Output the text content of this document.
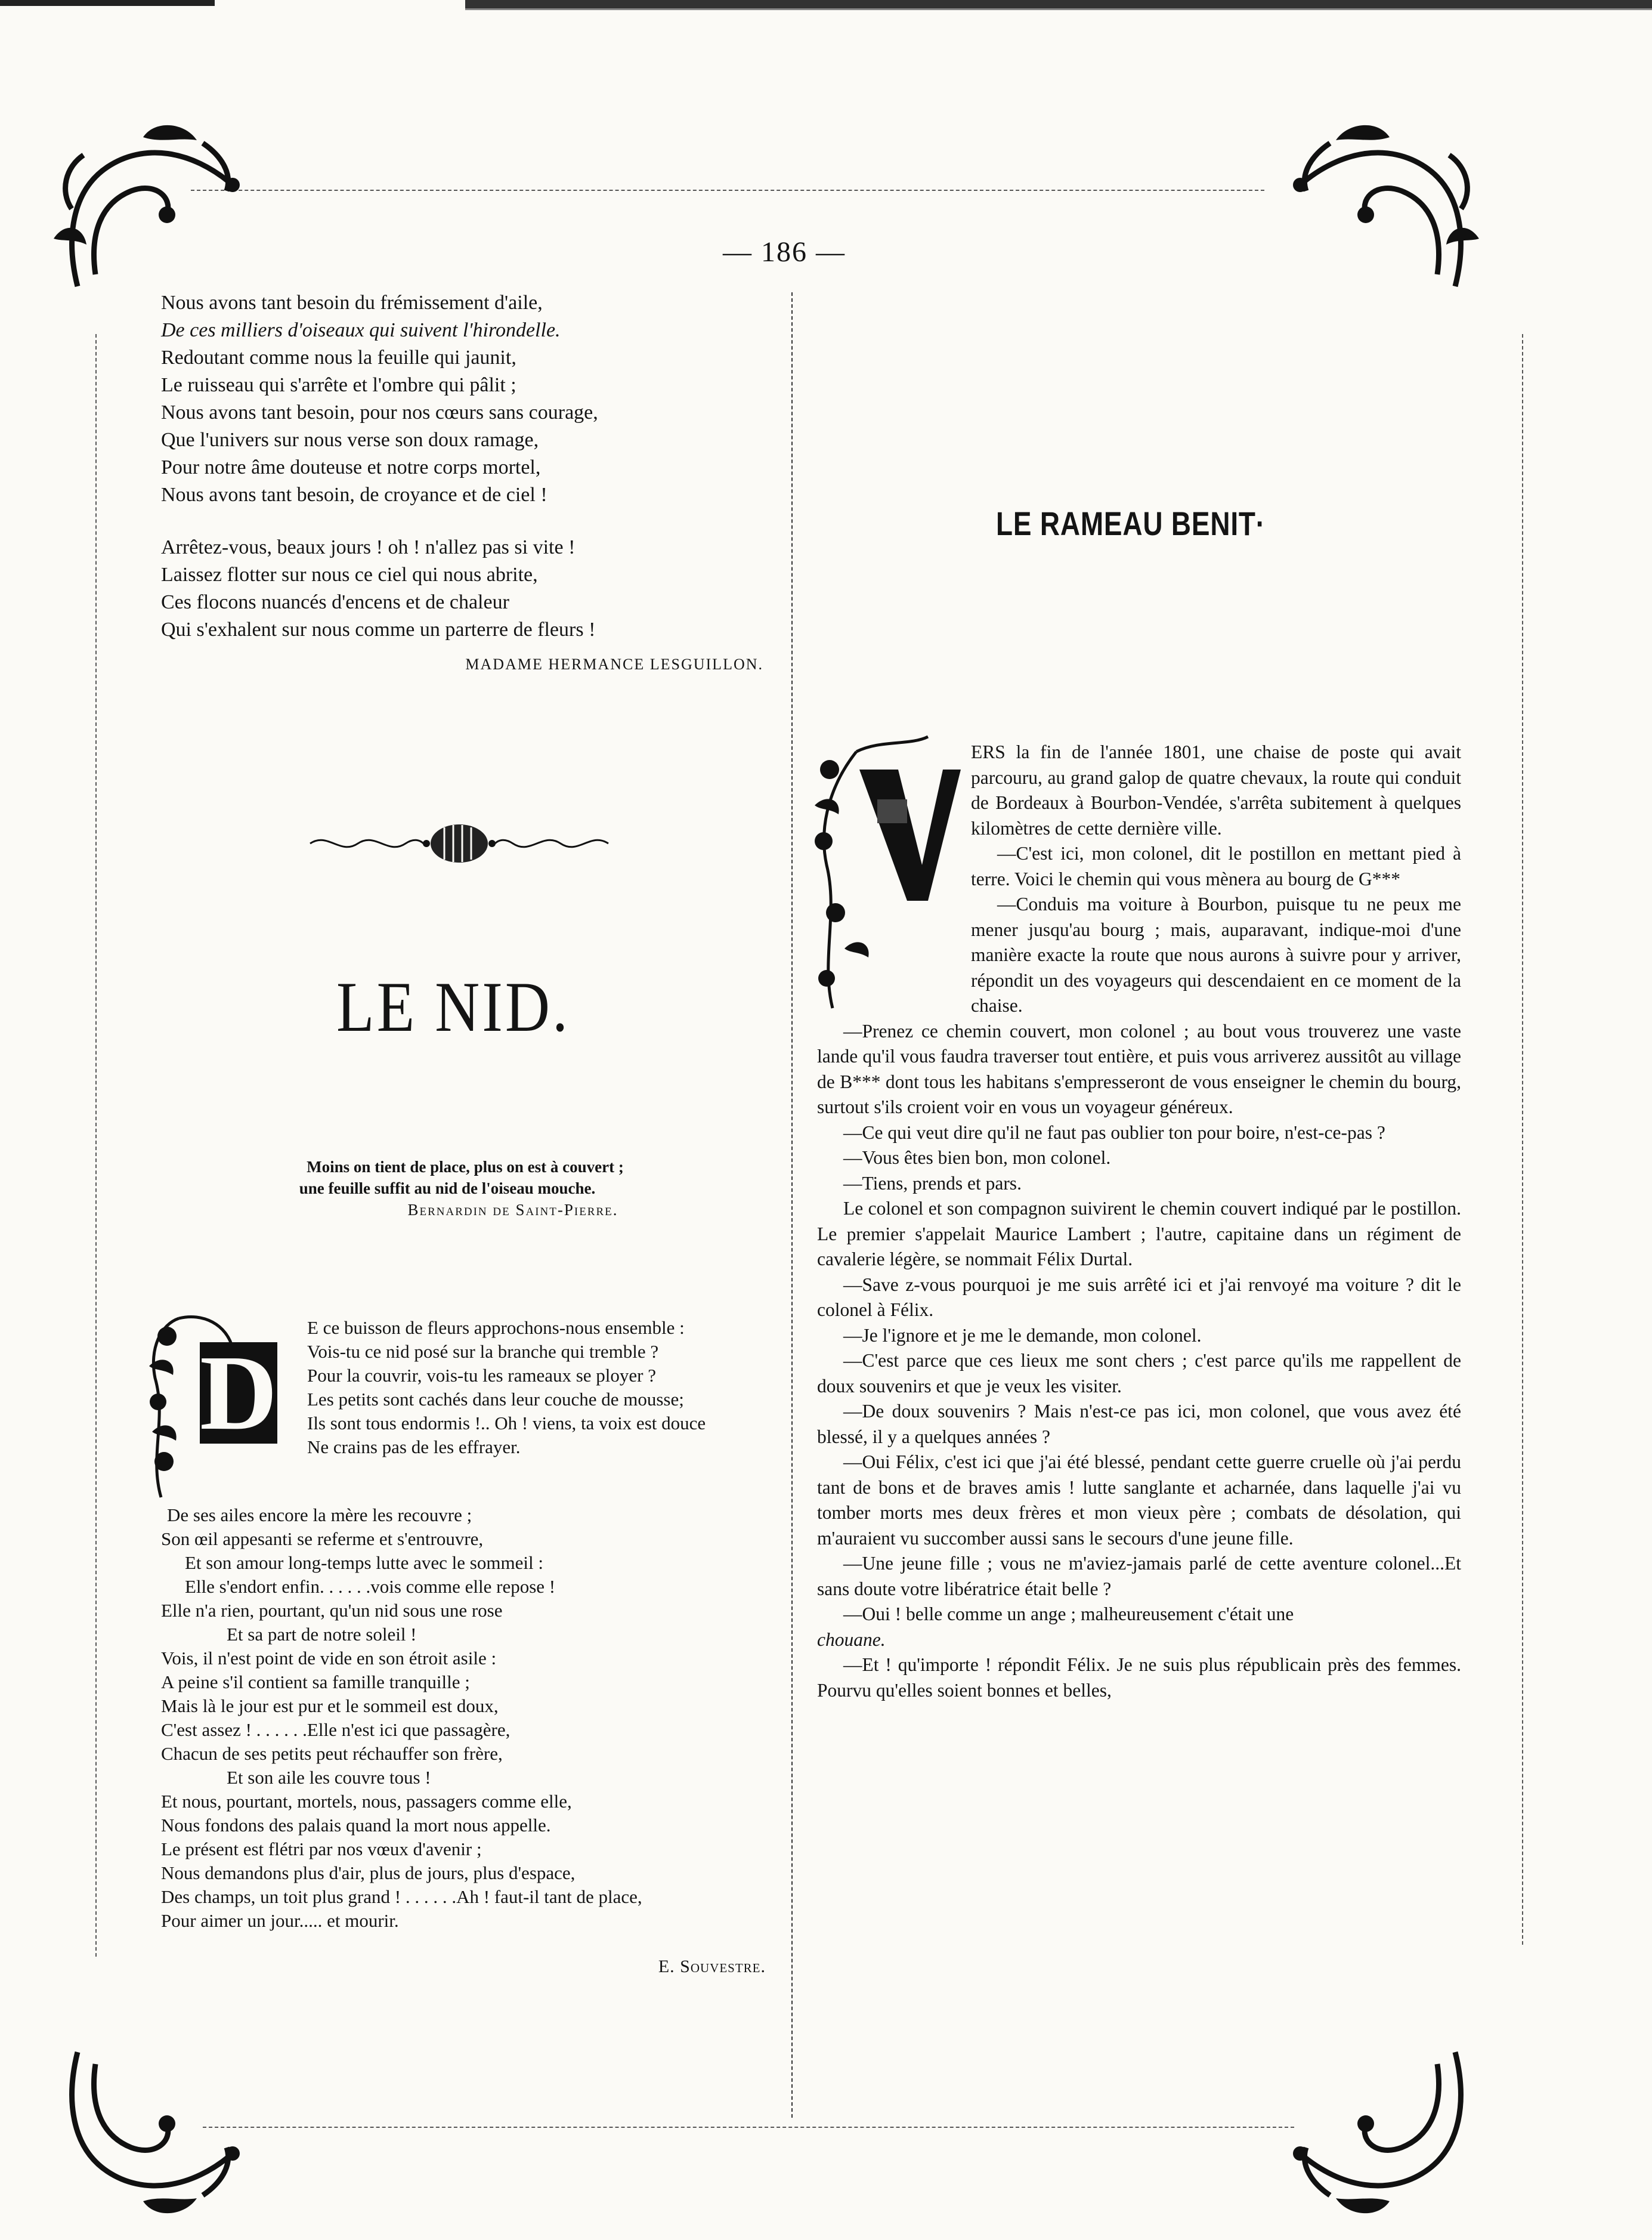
— 186 —

Nous avons tant besoin du frémissement d'aile,

De ces milliers d'oiseaux qui suivent l'hirondelle.

Redoutant comme nous la feuille qui jaunit,

Le ruisseau qui s'arrête et l'ombre qui pâlit ;

Nous avons tant besoin, pour nos cœurs sans courage,

Que l'univers sur nous verse son doux ramage,

Pour notre âme douteuse et notre corps mortel,

Nous avons tant besoin, de croyance et de ciel !

Arrêtez-vous, beaux jours ! oh ! n'allez pas si vite !

Laissez flotter sur nous ce ciel qui nous abrite,

Ces flocons nuancés d'encens et de chaleur

Qui s'exhalent sur nous comme un parterre de fleurs !

MADAME HERMANCE LESGUILLON.
LE NID.
Moins on tient de place, plus on est à couvert ;
une feuille suffit au nid de l'oiseau mouche.
Bernardin de Saint-Pierre.
D

E ce buisson de fleurs approchons-nous ensemble :

Vois-tu ce nid posé sur la branche qui tremble ?

Pour la couvrir, vois-tu les rameaux se ployer ?

Les petits sont cachés dans leur couche de mousse;

Ils sont tous endormis !.. Oh ! viens, ta voix est douce

Ne crains pas de les effrayer.

De ses ailes encore la mère les recouvre ;

Son œil appesanti se referme et s'entrouvre,

Et son amour long-temps lutte avec le sommeil :

Elle s'endort enfin. . . . . .vois comme elle repose !

Elle n'a rien, pourtant, qu'un nid sous une rose

Et sa part de notre soleil !

Vois, il n'est point de vide en son étroit asile :

A peine s'il contient sa famille tranquille ;

Mais là le jour est pur et le sommeil est doux,

C'est assez ! . . . . . .Elle n'est ici que passagère,

Chacun de ses petits peut réchauffer son frère,

Et son aile les couvre tous !

Et nous, pourtant, mortels, nous, passagers comme elle,

Nous fondons des palais quand la mort nous appelle.

Le présent est flétri par nos vœux d'avenir ;

Nous demandons plus d'air, plus de jours, plus d'espace,

Des champs, un toit plus grand ! . . . . . .Ah ! faut-il tant de place,

Pour aimer un jour..... et mourir.

E. Souvestre.
LE RAMEAU BENIT·

ERS la fin de l'année 1801, une chaise de poste qui avait parcouru, au grand galop de quatre chevaux, la route qui conduit de Bordeaux à Bourbon-Vendée, s'arrêta subitement à quelques kilomètres de cette dernière ville.

—C'est ici, mon colonel, dit le postillon en mettant pied à terre. Voici le chemin qui vous mènera au bourg de G***

—Conduis ma voiture à Bourbon, puisque tu ne peux me mener jusqu'au bourg ; mais, auparavant, indique-moi d'une manière exacte la route que nous aurons à suivre pour y arriver, répondit un des voyageurs qui descendaient en ce moment de la chaise.

—Prenez ce chemin couvert, mon colonel ; au bout vous trouverez une vaste lande qu'il vous faudra traverser tout entière, et puis vous arriverez aussitôt au village de B*** dont tous les habitans s'empresseront de vous enseigner le chemin du bourg, surtout s'ils croient voir en vous un voyageur généreux.

—Ce qui veut dire qu'il ne faut pas oublier ton pour boire, n'est-ce-pas ?

—Vous êtes bien bon, mon colonel.

—Tiens, prends et pars.

Le colonel et son compagnon suivirent le chemin couvert indiqué par le postillon. Le premier s'appelait Maurice Lambert ; l'autre, capitaine dans un régiment de cavalerie légère, se nommait Félix Durtal.

—Save z-vous pourquoi je me suis arrêté ici et j'ai renvoyé ma voiture ? dit le colonel à Félix.

—Je l'ignore et je me le demande, mon colonel.

—C'est parce que ces lieux me sont chers ; c'est parce qu'ils me rappellent de doux souvenirs et que je veux les visiter.

—De doux souvenirs ? Mais n'est-ce pas ici, mon colonel, que vous avez été blessé, il y a quelques années ?

—Oui Félix, c'est ici que j'ai été blessé, pendant cette guerre cruelle où j'ai perdu tant de bons et de braves amis ! lutte sanglante et acharnée, dans laquelle j'ai vu tomber morts mes deux frères et mon vieux père ; combats de désolation, qui m'auraient vu succomber aussi sans le secours d'une jeune fille.

—Une jeune fille ; vous ne m'aviez-jamais parlé de cette aventure colonel...Et sans doute votre libératrice était belle ?

—Oui ! belle comme un ange ; malheureusement c'était une

chouane.

—Et ! qu'importe ! répondit Félix. Je ne suis plus républicain près des femmes. Pourvu qu'elles soient bonnes et belles,
